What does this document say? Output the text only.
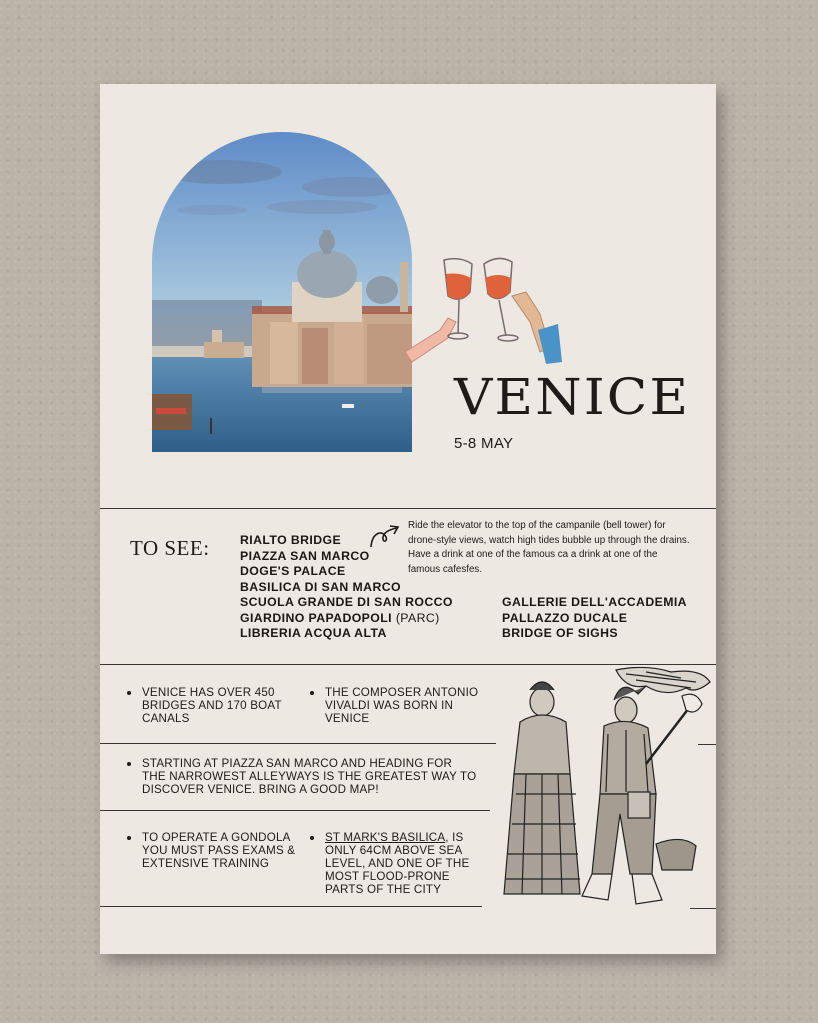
VENICE
5-8 MAY
TO SEE: RIALTO BRIDGE
PIAZZA SAN MARCO
DOGE'S PALACE
BASILICA DI SAN MARCO
SCUOLA GRANDE DI SAN ROCCO
GIARDINO PAPADOPOLI (PARC)
LIBRERIA ACQUA ALTA
GALLERIE DELL'ACCADEMIA
PALLAZZO DUCALE
BRIDGE OF SIGHS
Ride the elevator to the top of the campanile (bell tower) for drone-style views, watch high tides bubble up through the drains. Have a drink at one of the famous ca a drink at one of the famous cafesfes.
VENICE HAS OVER 450 BRIDGES AND 170 BOAT CANALS
THE COMPOSER ANTONIO VIVALDI WAS BORN IN VENICE
STARTING AT PIAZZA SAN MARCO AND HEADING FOR THE NARROWEST ALLEYWAYS IS THE GREATEST WAY TO DISCOVER VENICE. BRING A GOOD MAP!
TO OPERATE A GONDOLA YOU MUST PASS EXAMS & EXTENSIVE TRAINING
ST MARK'S BASILICA, IS ONLY 64CM ABOVE SEA LEVEL, AND ONE OF THE MOST FLOOD-PRONE PARTS OF THE CITY
